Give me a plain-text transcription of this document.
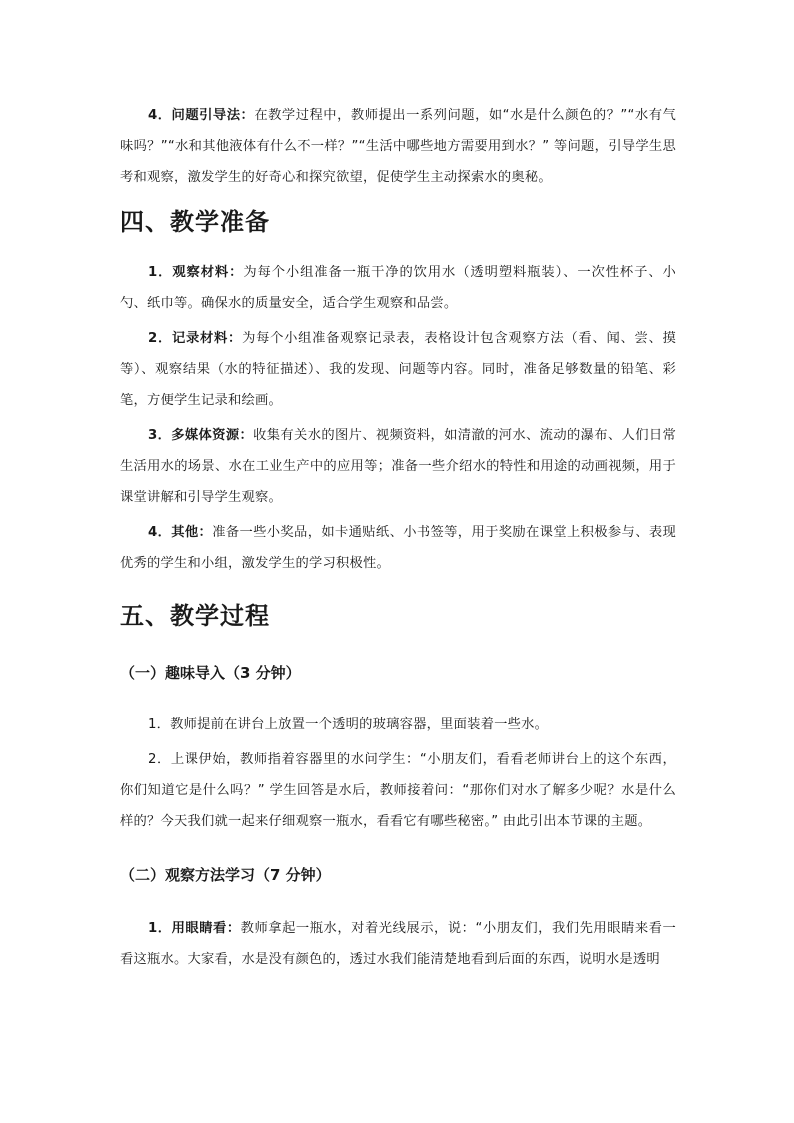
4．问题引导法：在教学过程中，教师提出一系列问题，如“水是什么颜色的？”“水有气味吗？”“水和其他液体有什么不一样？”“生活中哪些地方需要用到水？” 等问题，引导学生思考和观察，激发学生的好奇心和探究欲望，促使学生主动探索水的奥秘。

四、教学准备

1．观察材料：为每个小组准备一瓶干净的饮用水（透明塑料瓶装）、一次性杯子、小勺、纸巾等。确保水的质量安全，适合学生观察和品尝。

2．记录材料：为每个小组准备观察记录表，表格设计包含观察方法（看、闻、尝、摸等）、观察结果（水的特征描述）、我的发现、问题等内容。同时，准备足够数量的铅笔、彩笔，方便学生记录和绘画。

3．多媒体资源：收集有关水的图片、视频资料，如清澈的河水、流动的瀑布、人们日常生活用水的场景、水在工业生产中的应用等；准备一些介绍水的特性和用途的动画视频，用于课堂讲解和引导学生观察。

4．其他：准备一些小奖品，如卡通贴纸、小书签等，用于奖励在课堂上积极参与、表现优秀的学生和小组，激发学生的学习积极性。

五、教学过程
（一）趣味导入（3 分钟）

1．教师提前在讲台上放置一个透明的玻璃容器，里面装着一些水。

2．上课伊始，教师指着容器里的水问学生：“小朋友们，看看老师讲台上的这个东西，你们知道它是什么吗？” 学生回答是水后，教师接着问：“那你们对水了解多少呢？水是什么样的？今天我们就一起来仔细观察一瓶水，看看它有哪些秘密。” 由此引出本节课的主题。

（二）观察方法学习（7 分钟）

1．用眼睛看：教师拿起一瓶水，对着光线展示，说：“小朋友们，我们先用眼睛来看一看这瓶水。大家看，水是没有颜色的，透过水我们能清楚地看到后面的东西，说明水是透明
